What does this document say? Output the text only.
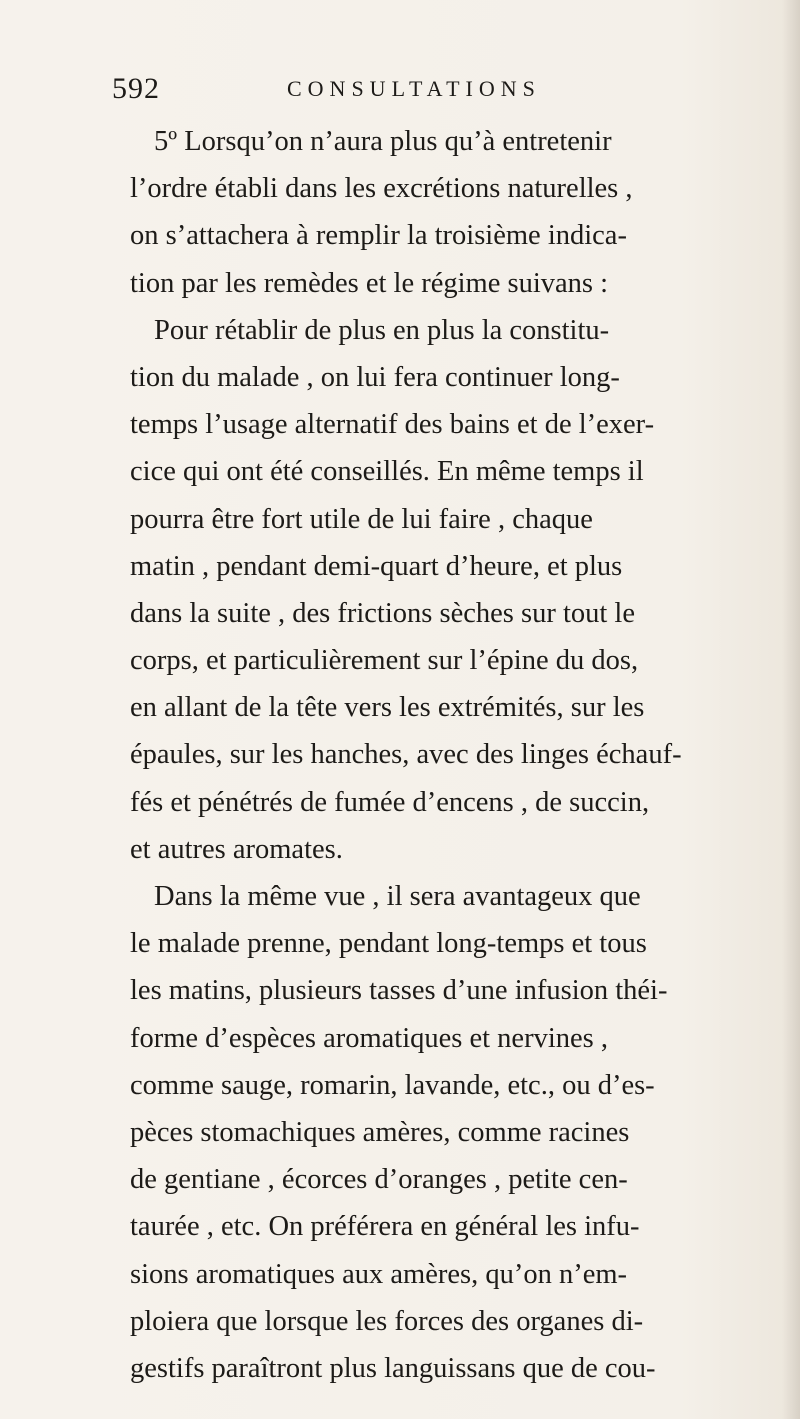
592	CONSULTATIONS
5º Lorsqu’on n’aura plus qu’à entretenir
l’ordre établi dans les excrétions naturelles ,
on s’attachera à remplir la troisième indica-
tion par les remèdes et le régime suivans :
Pour rétablir de plus en plus la constitu-
tion du malade , on lui fera continuer long-
temps l’usage alternatif des bains et de l’exer-
cice qui ont été conseillés. En même temps il
pourra être fort utile de lui faire , chaque
matin , pendant demi-quart d’heure, et plus
dans la suite , des frictions sèches sur tout le
corps, et particulièrement sur l’épine du dos,
en allant de la tête vers les extrémités, sur les
épaules, sur les hanches, avec des linges échauf-
fés et pénétrés de fumée d’encens , de succin,
et autres aromates.
Dans la même vue , il sera avantageux que
le malade prenne, pendant long-temps et tous
les matins, plusieurs tasses d’une infusion théi-
forme d’espèces aromatiques et nervines ,
comme sauge, romarin, lavande, etc., ou d’es-
pèces stomachiques amères, comme racines
de gentiane , écorces d’oranges , petite cen-
taurée , etc. On préférera en général les infu-
sions aromatiques aux amères, qu’on n’em-
ploiera que lorsque les forces des organes di-
gestifs paraîtront plus languissans que de cou-
